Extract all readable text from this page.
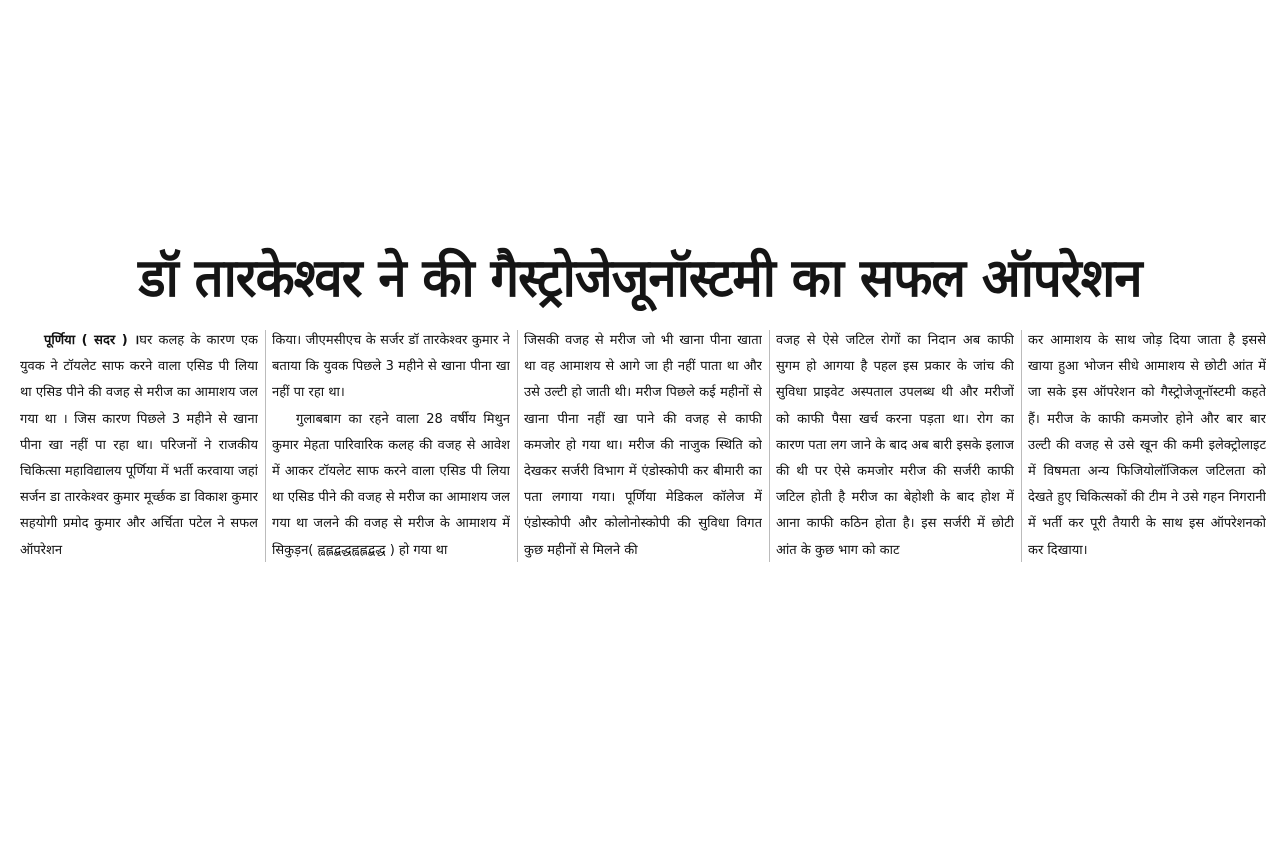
डॉ तारकेश्वर ने की गैस्ट्रोजेजूनॉस्टमी का सफल ऑपरेशन

पूर्णिया ( सदर ) ।घर कलह के कारण एक युवक ने टॉयलेट साफ करने वाला एसिड पी लिया था एसिड पीने की वजह से मरीज का आमाशय जल गया था । जिस कारण पिछले 3 महीने से खाना पीना खा नहीं पा रहा था। परिजनों ने राजकीय चिकित्सा महाविद्यालय पूर्णिया में भर्ती करवाया जहां सर्जन डा तारकेश्वर कुमार मूर्च्छक डा विकाश कुमार सहयोगी प्रमोद कुमार और अर्चिता पटेल ने सफल ऑपरेशन

किया। जीएमसीएच के सर्जर डॉ तारकेश्वर कुमार ने बताया कि युवक पिछले 3 महीने से खाना पीना खा नहीं पा रहा था।

गुलाबबाग का रहने वाला 28 वर्षीय मिथुन कुमार मेहता पारिवारिक कलह की वजह से आवेश में आकर टॉयलेट साफ करने वाला एसिड पी लिया था एसिड पीने की वजह से मरीज का आमाशय जल गया था जलने की वजह से मरीज के आमाशय में सिकुड़न( ह्वह्लद्बद्धह्वह्लद्बद्ध ) हो गया था

जिसकी वजह से मरीज जो भी खाना पीना खाता था वह आमाशय से आगे जा ही नहीं पाता था और उसे उल्टी हो जाती थी। मरीज पिछले कई महीनों से खाना पीना नहीं खा पाने की वजह से काफी कमजोर हो गया था। मरीज की नाजुक स्थिति को देखकर सर्जरी विभाग में एंडोस्कोपी कर बीमारी का पता लगाया गया। पूर्णिया मेडिकल कॉलेज में एंडोस्कोपी और कोलोनोस्कोपी की सुविधा विगत कुछ महीनों से मिलने की

वजह से ऐसे जटिल रोगों का निदान अब काफी सुगम हो आगया है पहल इस प्रकार के जांच की सुविधा प्राइवेट अस्पताल उपलब्ध थी और मरीजों को काफी पैसा खर्च करना पड़ता था। रोग का कारण पता लग जाने के बाद अब बारी इसके इलाज की थी पर ऐसे कमजोर मरीज की सर्जरी काफी जटिल होती है मरीज का बेहोशी के बाद होश में आना काफी कठिन होता है। इस सर्जरी में छोटी आंत के कुछ भाग को काट

कर आमाशय के साथ जोड़ दिया जाता है इससे खाया हुआ भोजन सीधे आमाशय से छोटी आंत में जा सके इस ऑपरेशन को गैस्ट्रोजेजूनॉस्टमी कहते हैं। मरीज के काफी कमजोर होने और बार बार उल्टी की वजह से उसे खून की कमी इलेक्ट्रोलाइट में विषमता अन्य फिजियोलॉजिकल जटिलता को देखते हुए चिकित्सकों की टीम ने उसे गहन निगरानी में भर्ती कर पूरी तैयारी के साथ इस ऑपरेशनको कर दिखाया।
